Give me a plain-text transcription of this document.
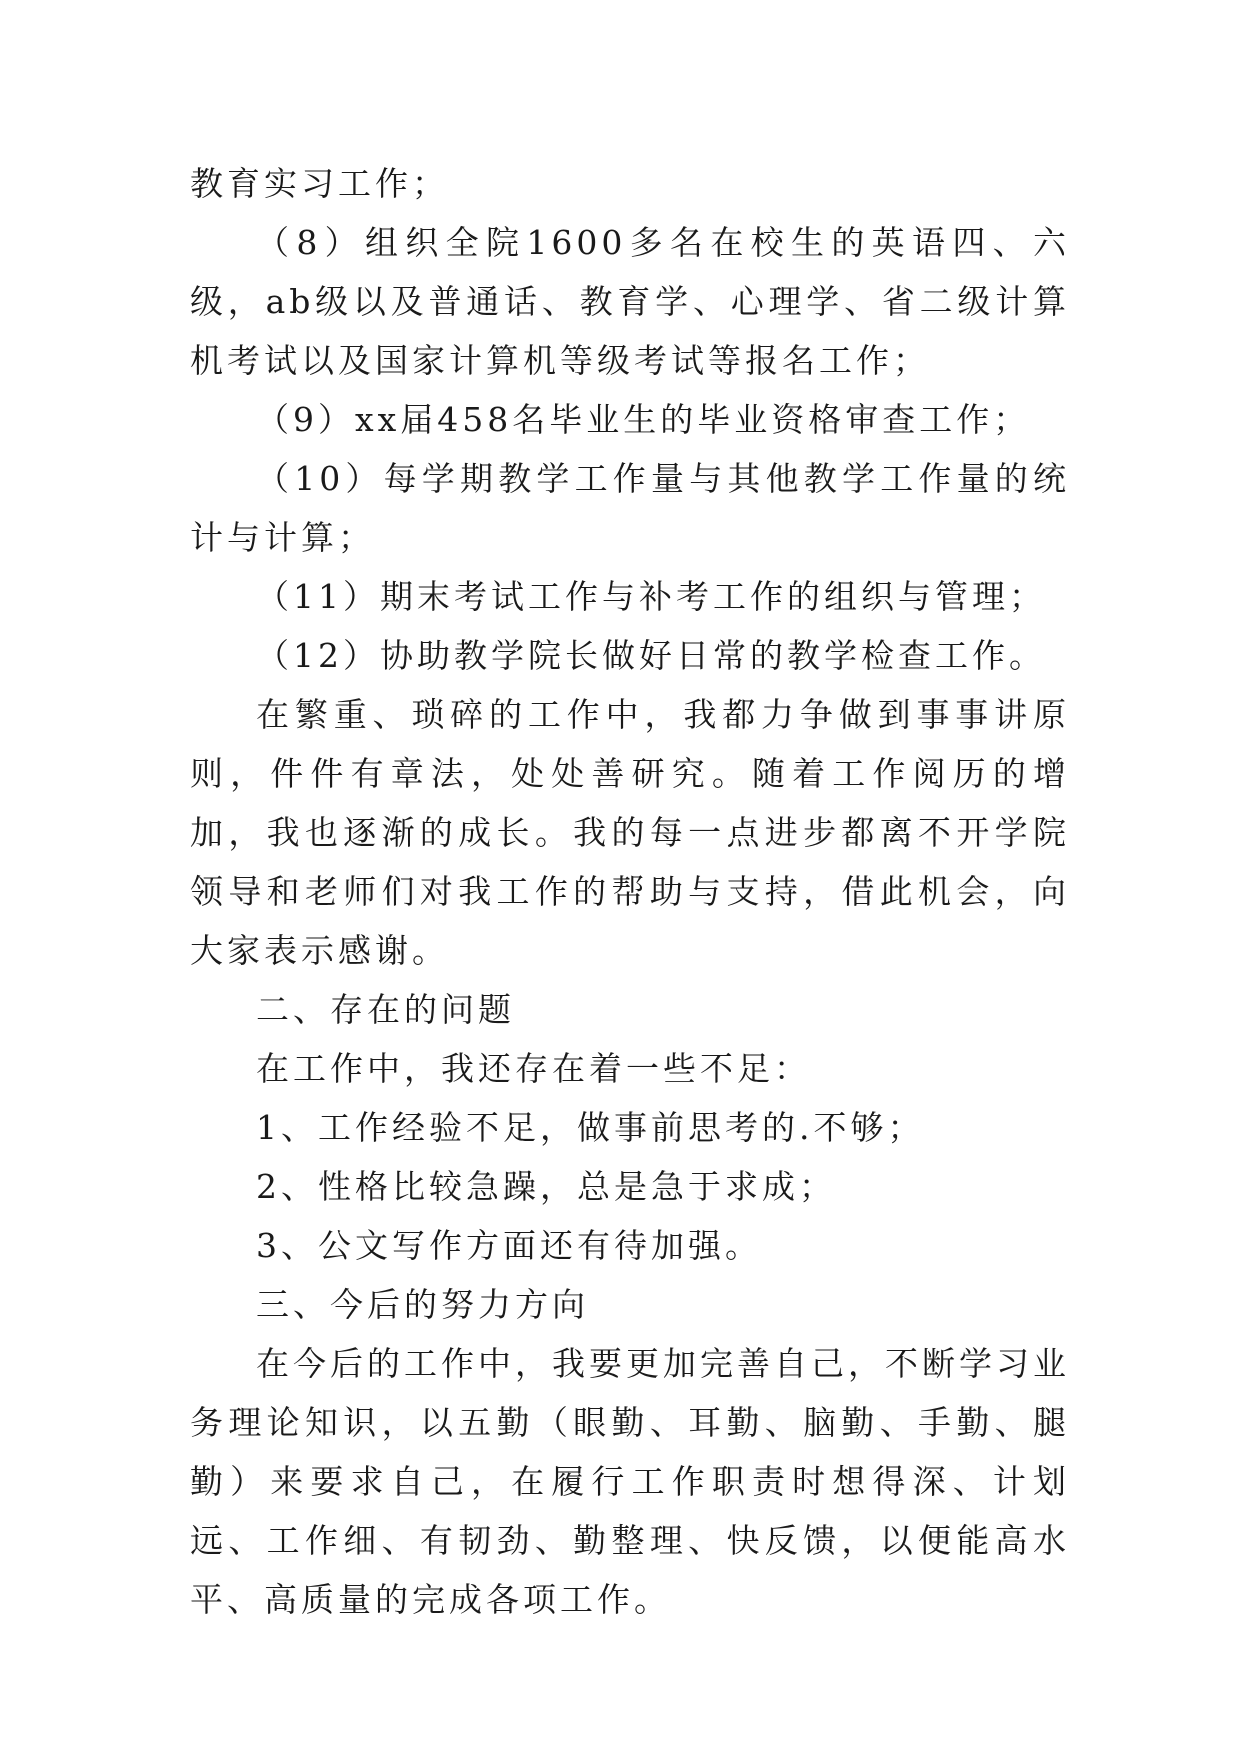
教育实习工作；

（8）组织全院1600多名在校生的英语四、六级，ab级以及普通话、教育学、心理学、省二级计算机考试以及国家计算机等级考试等报名工作；

（9）xx届458名毕业生的毕业资格审查工作；

（10）每学期教学工作量与其他教学工作量的统计与计算；

（11）期末考试工作与补考工作的组织与管理；

（12）协助教学院长做好日常的教学检查工作。

在繁重、琐碎的工作中，我都力争做到事事讲原则，件件有章法，处处善研究。随着工作阅历的增加，我也逐渐的成长。我的每一点进步都离不开学院领导和老师们对我工作的帮助与支持，借此机会，向大家表示感谢。

二、存在的问题

在工作中，我还存在着一些不足：

1、工作经验不足，做事前思考的.不够；

2、性格比较急躁，总是急于求成；

3、公文写作方面还有待加强。

三、今后的努力方向

在今后的工作中，我要更加完善自己，不断学习业务理论知识，以五勤（眼勤、耳勤、脑勤、手勤、腿勤）来要求自己，在履行工作职责时想得深、计划远、工作细、有韧劲、勤整理、快反馈，以便能高水平、高质量的完成各项工作。
